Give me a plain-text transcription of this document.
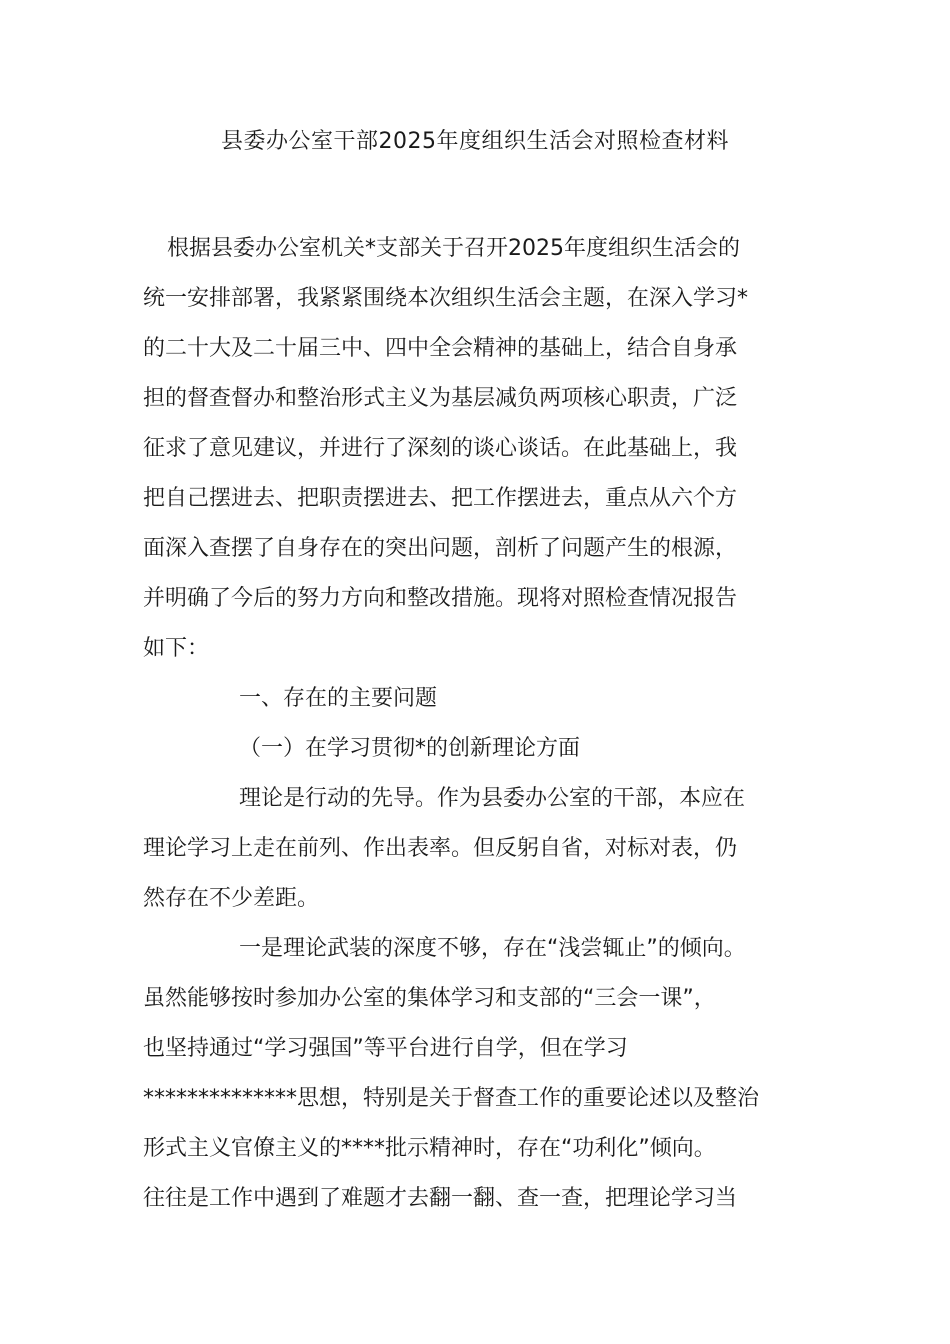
县委办公室干部2025年度组织生活会对照检查材料
根据县委办公室机关*支部关于召开2025年度组织生活会的
统一安排部署，我紧紧围绕本次组织生活会主题，在深入学习*
的二十大及二十届三中、四中全会精神的基础上，结合自身承
担的督查督办和整治形式主义为基层减负两项核心职责，广泛
征求了意见建议，并进行了深刻的谈心谈话。在此基础上，我
把自己摆进去、把职责摆进去、把工作摆进去，重点从六个方
面深入查摆了自身存在的突出问题，剖析了问题产生的根源，
并明确了今后的努力方向和整改措施。现将对照检查情况报告
如下：
一、存在的主要问题
（一）在学习贯彻*的创新理论方面
理论是行动的先导。作为县委办公室的干部，本应在
理论学习上走在前列、作出表率。但反躬自省，对标对表，仍
然存在不少差距。
一是理论武装的深度不够，存在“浅尝辄止”的倾向。
虽然能够按时参加办公室的集体学习和支部的“三会一课”，
也坚持通过“学习强国”等平台进行自学，但在学习
**************思想，特别是关于督查工作的重要论述以及整治
形式主义官僚主义的****批示精神时，存在“功利化”倾向。
往往是工作中遇到了难题才去翻一翻、查一查，把理论学习当
